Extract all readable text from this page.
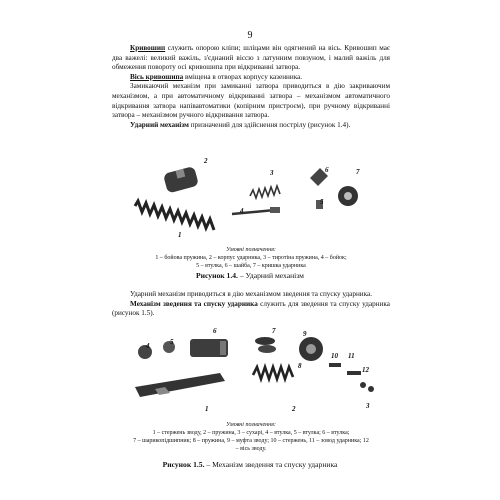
9

Кривошип служить опорою кліпи; шліцами він одягнений на вісь. Кривошип має два важелі: великий важіль, з'єднаний віссю з латунним повзуном, і малий важіль для обмеження повороту осі кривошипа при відкриванні затвора.

Вісь кривошипа вміщена в отворах корпусу казенника.

Замикаючий механізм при замиканні затвора приводиться в дію закриваючим механізмом, а при автоматичному відкриванні затвора – механізмом автоматичного відкривання затвора напівавтоматики (копірним пристроєм), при ручному відкриванні затвора – механізмом ручного відкривання затвора.

Ударний механізм призначений для здійснення пострілу (рисунок 1.4).

1
2
3
4
5
6	7
Умовні позначення:
1 – бойова пружина, 2 – корпус ударника, 3 – тиротіна пружина, 4 – бойок;
5 – втулка, 6 – шайба, 7 – кришка ударника
Рисунок 1.4. – Ударний механізм

Ударний механізм приводиться в дію механізмом зведення та спуску ударника.

Механізм зведення та спуску ударника служить для зведення та спуску ударника (рисунок 1.5).

1	2	3
4	5
6	7
8
9
10 11
12
Умовні позначення:
1 – стержень зводу, 2 – пружина, 3 – сухарі, 4 – втулка, 5 – втулка; 6 – втулка;
7 – шарикопідшипник; 8 – пружина, 9 – муфта зводу; 10 – стержень, 11 – зовод ударника; 12
– вісь зводу.
Рисунок 1.5. – Механізм зведення та спуску ударника
